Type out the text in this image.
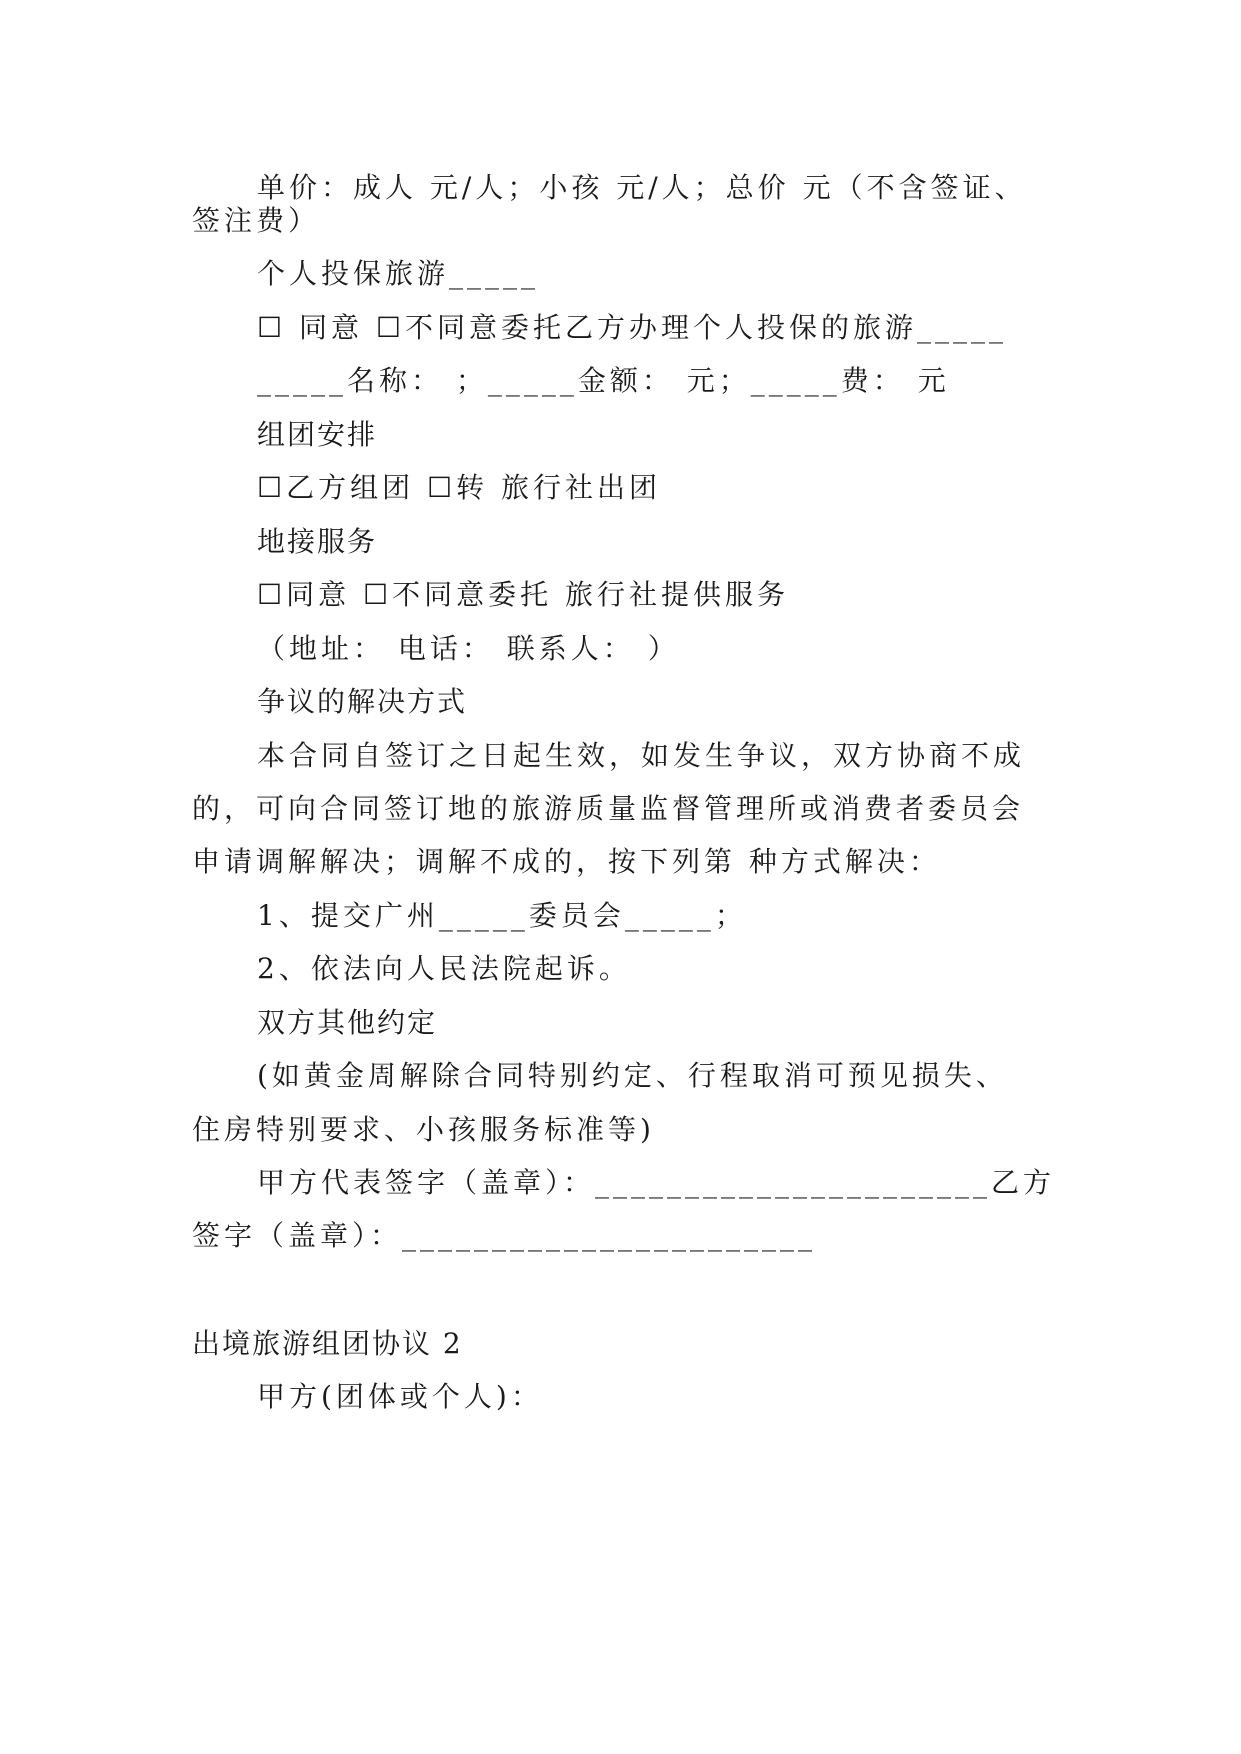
单价：成人 元/人；小孩 元/人；总价 元（不含签证、
签注费）
个人投保旅游_____
☐ 同意 ☐不同意委托乙方办理个人投保的旅游_____
_____名称： ；_____金额： 元；_____费： 元
组团安排
☐乙方组团 ☐转 旅行社出团
地接服务
☐同意 ☐不同意委托 旅行社提供服务
（地址： 电话： 联系人： ）
争议的解决方式
本合同自签订之日起生效，如发生争议，双方协商不成
的，可向合同签订地的旅游质量监督管理所或消费者委员会
申请调解解决；调解不成的，按下列第 种方式解决：
1、提交广州_____委员会_____；
2、依法向人民法院起诉。
双方其他约定
(如黄金周解除合同特别约定、行程取消可预见损失、
住房特别要求、小孩服务标准等)
甲方代表签字（盖章）：______________________乙方
签字（盖章）：_______________________
出境旅游组团协议 2
甲方(团体或个人)：
